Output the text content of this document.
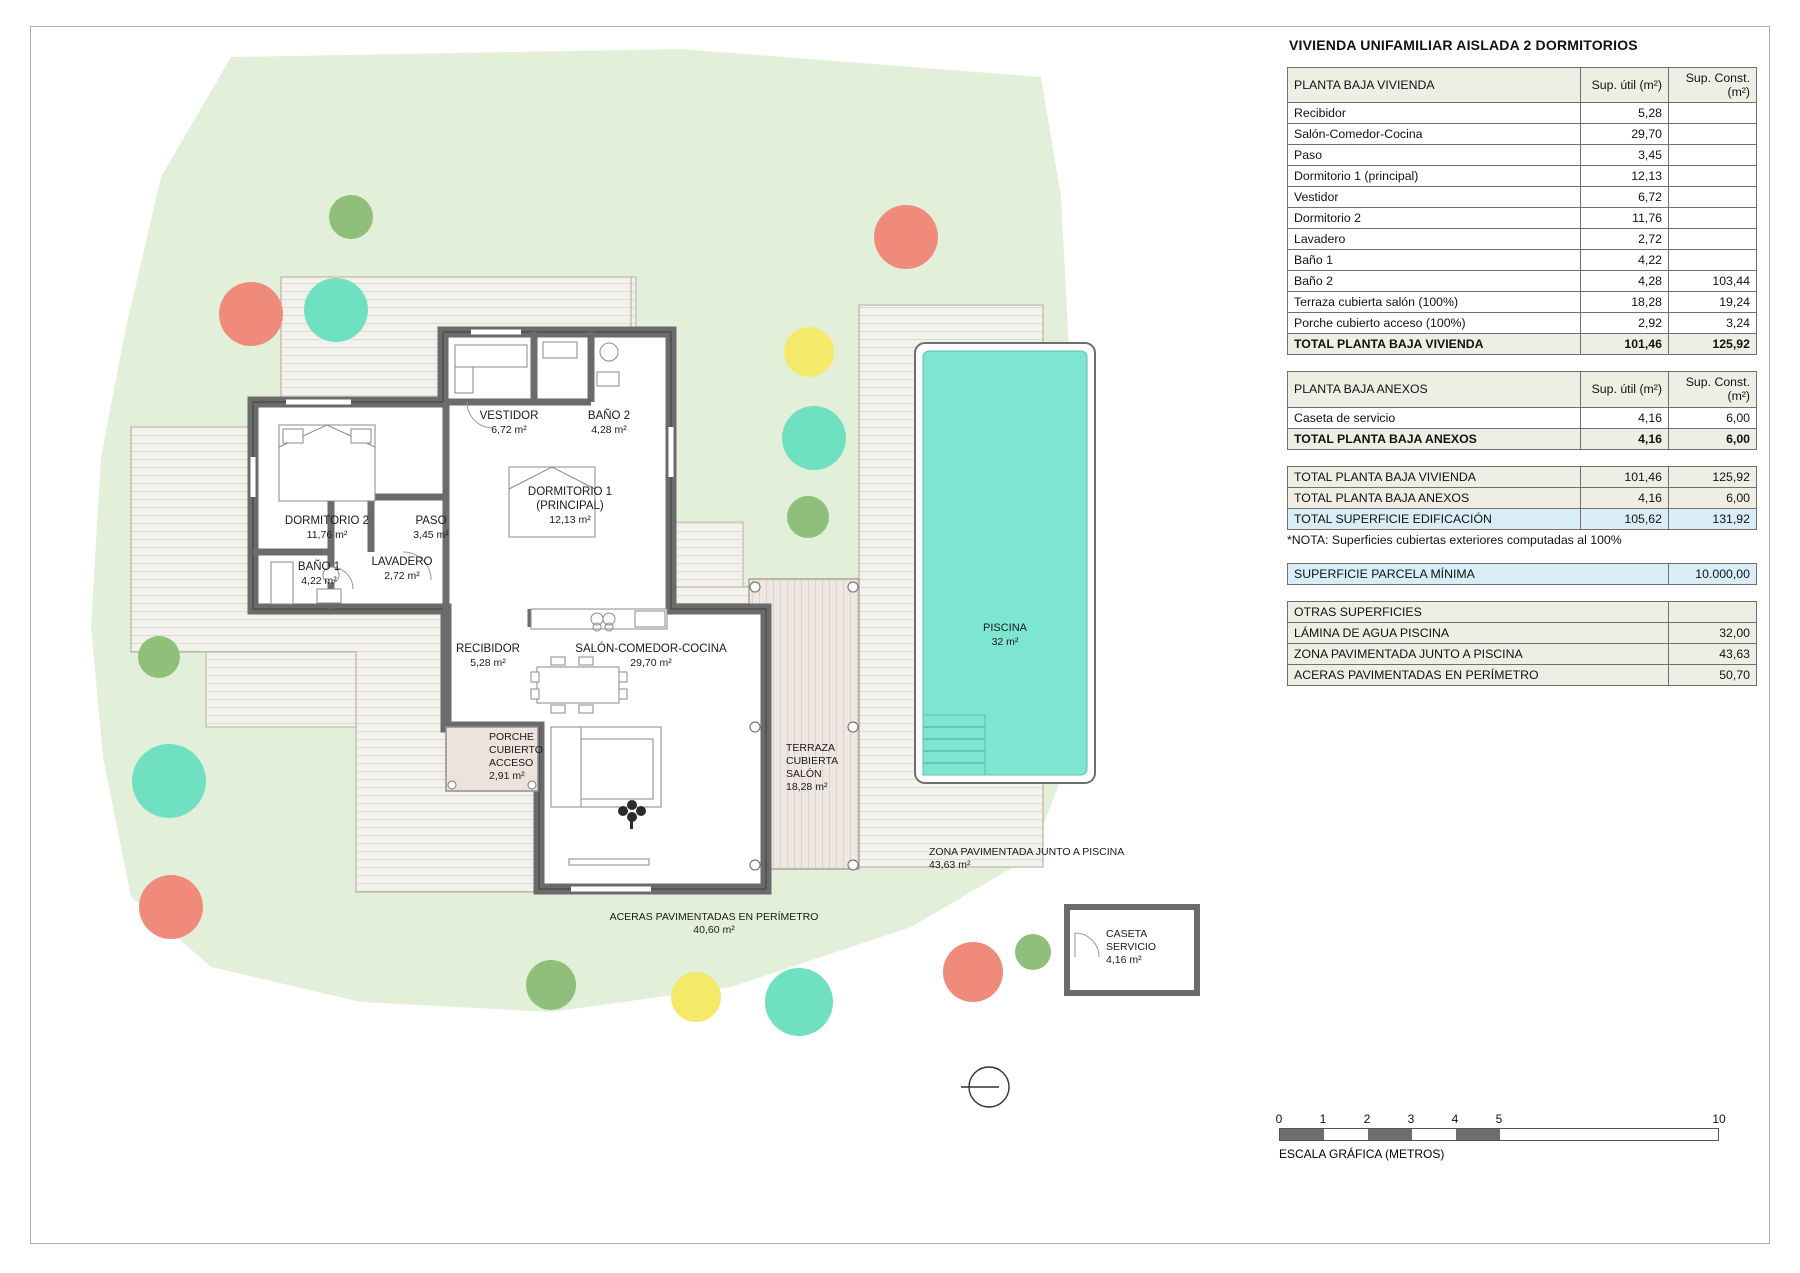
VESTIDOR
6,72 m²
BAÑO 2
4,28 m²
DORMITORIO 1
(PRINCIPAL)
12,13 m²
DORMITORIO 2
11,76 m²
PASO
3,45 m²
BAÑO 1
4,22 m²
LAVADERO
2,72 m²
RECIBIDOR
5,28 m²
SALÓN-COMEDOR-COCINA
29,70 m²
PORCHE
CUBIERTO
ACCESO
2,91 m²
TERRAZA
CUBIERTA
SALÓN
18,28 m²
PISCINA
32 m²
ZONA PAVIMENTADA JUNTO A PISCINA
43,63 m²
ACERAS PAVIMENTADAS EN PERÍMETRO
40,60 m²	CASETA
SERVICIO
4,16 m²
VIVIENDA UNIFAMILIAR AISLADA 2 DORMITORIOS
PLANTA BAJA VIVIENDA	Sup. útil (m²)	Sup. Const. (m²)
Recibidor	5,28	
Salón-Comedor-Cocina	29,70	
Paso	3,45	
Dormitorio 1 (principal)	12,13	
Vestidor	6,72	
Dormitorio 2	11,76	
Lavadero	2,72	
Baño 1	4,22	
Baño 2	4,28	103,44
Terraza cubierta salón (100%)	18,28	19,24
Porche cubierto acceso (100%)	2,92	3,24
TOTAL PLANTA BAJA VIVIENDA	101,46	125,92
PLANTA BAJA ANEXOS	Sup. útil (m²)	Sup. Const. (m²)
Caseta de servicio	4,16	6,00
TOTAL PLANTA BAJA ANEXOS	4,16	6,00
TOTAL PLANTA BAJA VIVIENDA	101,46	125,92
TOTAL PLANTA BAJA ANEXOS	4,16	6,00
TOTAL SUPERFICIE EDIFICACIÓN	105,62	131,92
*NOTA: Superficies cubiertas exteriores computadas al 100%
SUPERFICIE PARCELA MÍNIMA	10.000,00
OTRAS SUPERFICIES	
LÁMINA DE AGUA PISCINA	32,00
ZONA PAVIMENTADA JUNTO A PISCINA	43,63
ACERAS PAVIMENTADAS EN PERÍMETRO	50,70
0	1	2	3	4	5	10
ESCALA GRÁFICA (METROS)
